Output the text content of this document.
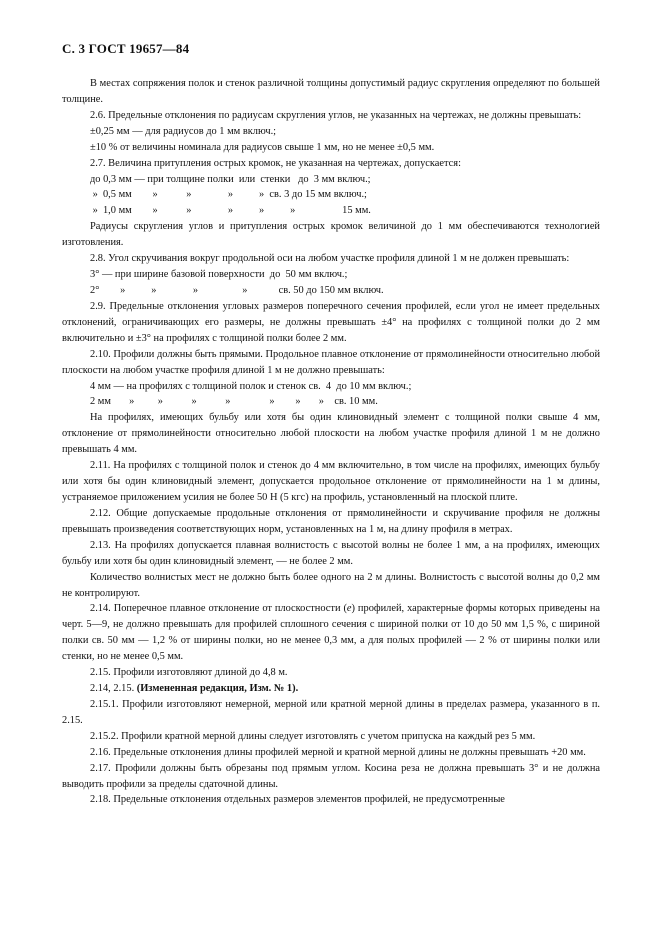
С. 3 ГОСТ 19657—84

В местах сопряжения полок и стенок различной толщины допустимый радиус скругления определяют по большей толщине.

2.6. Предельные отклонения по радиусам скругления углов, не указанных на чертежах, не должны превышать:

±0,25 мм — для радиусов до 1 мм включ.;

±10 % от величины номинала для радиусов свыше 1 мм, но не менее ±0,5 мм.

2.7. Величина притупления острых кромок, не указанная на чертежах, допускается:

до 0,3 мм — при толщине полки  или  стенки   до  3 мм включ.;

»  0,5 мм        »           »              »          »  св. 3 до 15 мм включ.;

»  1,0 мм        »           »              »          »          »                  15 мм.

Радиусы скругления углов и притупления острых кромок величиной до 1 мм обеспечиваются технологией изготовления.

2.8. Угол скручивания вокруг продольной оси на любом участке профиля длиной 1 м не должен превышать:

3° — при ширине базовой поверхности  до  50 мм включ.;

2°        »          »              »                 »            св. 50 до 150 мм включ.

2.9. Предельные отклонения угловых размеров поперечного сечения профилей, если угол не имеет предельных отклонений, ограничивающих его размеры, не должны превышать ±4° на профилях с толщиной полки до 2 мм включительно и ±3° на профилях с толщиной полки более 2 мм.

2.10. Профили должны быть прямыми. Продольное плавное отклонение от прямолинейности относительно любой плоскости на любом участке профиля длиной 1 м не должно превышать:

4 мм — на профилях с толщиной полок и стенок св.  4  до 10 мм включ.;

2 мм       »         »           »           »               »        »       »    св. 10 мм.

На профилях, имеющих бульбу или хотя бы один клиновидный элемент с толщиной полки свыше 4 мм, отклонение от прямолинейности относительно любой плоскости на любом участке профиля длиной 1 м не должно превышать 4 мм.

2.11. На профилях с толщиной полок и стенок до 4 мм включительно, в том числе на профилях, имеющих бульбу или хотя бы один клиновидный элемент, допускается продольное отклонение от прямолинейности на 1 м длины, устраняемое приложением усилия не более 50 Н (5 кгс) на профиль, установленный на плоской плите.

2.12. Общие допускаемые продольные отклонения от прямолинейности и скручивание профиля не должны превышать произведения соответствующих норм, установленных на 1 м, на длину профиля в метрах.

2.13. На профилях допускается плавная волнистость с высотой волны не более 1 мм, а на профилях, имеющих бульбу или хотя бы один клиновидный элемент, — не более 2 мм.

Количество волнистых мест не должно быть более одного на 2 м длины. Волнистость с высотой волны до 0,2 мм не контролируют.

2.14. Поперечное плавное отклонение от плоскостности (е) профилей, характерные формы которых приведены на черт. 5—9, не должно превышать для профилей сплошного сечения с шириной полки от 10 до 50 мм 1,5 %, с шириной полки св. 50 мм — 1,2 % от ширины полки, но не менее 0,3 мм, а для полых профилей — 2 % от ширины полки или стенки, но не менее 0,5 мм.

2.15. Профили изготовляют длиной до 4,8 м.

2.14, 2.15. (Измененная редакция, Изм. № 1).

2.15.1. Профили изготовляют немерной, мерной или кратной мерной длины в пределах размера, указанного в п. 2.15.

2.15.2. Профили кратной мерной длины следует изготовлять с учетом припуска на каждый рез 5 мм.

2.16. Предельные отклонения длины профилей мерной и кратной мерной длины не должны превышать +20 мм.

2.17. Профили должны быть обрезаны под прямым углом. Косина реза не должна превышать 3° и не должна выводить профили за пределы сдаточной длины.

2.18. Предельные отклонения отдельных размеров элементов профилей, не предусмотренные
